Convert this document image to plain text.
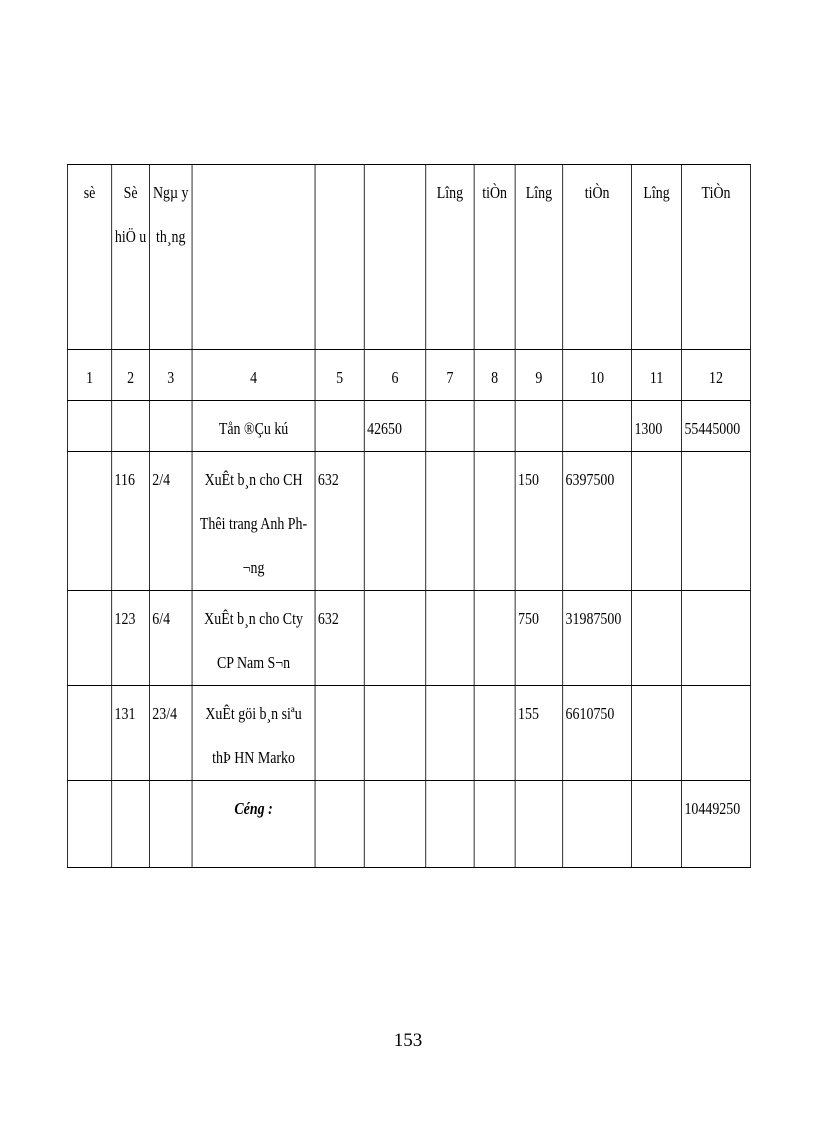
sè	Sè hiÖ u	Ngµ y th¸ng				Lîng	tiÒn	Lîng	tiÒn	Lîng	TiÒn
1	2	3	4	5	6	7	8	9	10	11	12
			Tån ®Çu kú		42650					1300	55445000
	116	2/4	XuÊt b¸n cho CH Thêi trang Anh Ph¬ng	632				150	6397500		
	123	6/4	XuÊt b¸n cho Cty CP Nam S¬n	632				750	31987500		
	131	23/4	XuÊt göi b¸n siªu thÞ HN Marko					155	6610750		
			Céng :								10449250
153
